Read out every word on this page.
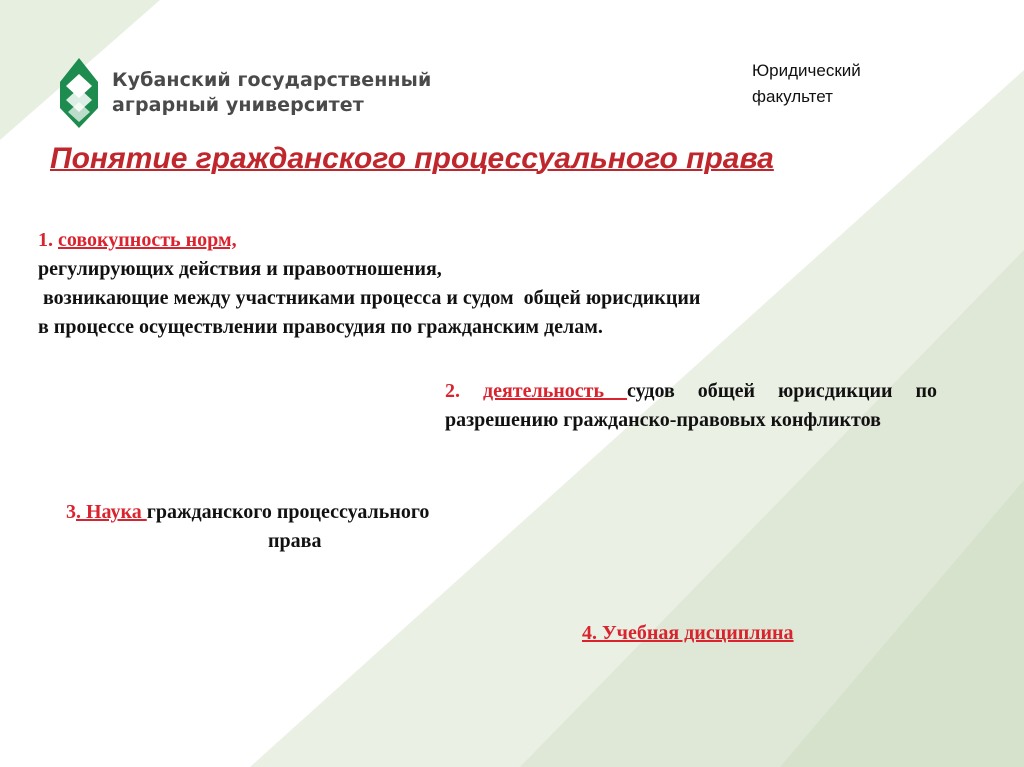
Кубанский государственный
аграрный университет
Юридический
факультет
Понятие гражданского процессуального права
1. совокупность норм,
регулирующих действия и правоотношения,
возникающие между участниками процесса и судом  общей юрисдикции
в процессе осуществлении правосудия по гражданским делам.
2. деятельность судов общей юрисдикции по разрешению гражданско-правовых конфликтов
3. Наука гражданского процессуального
права
4. Учебная дисциплина
